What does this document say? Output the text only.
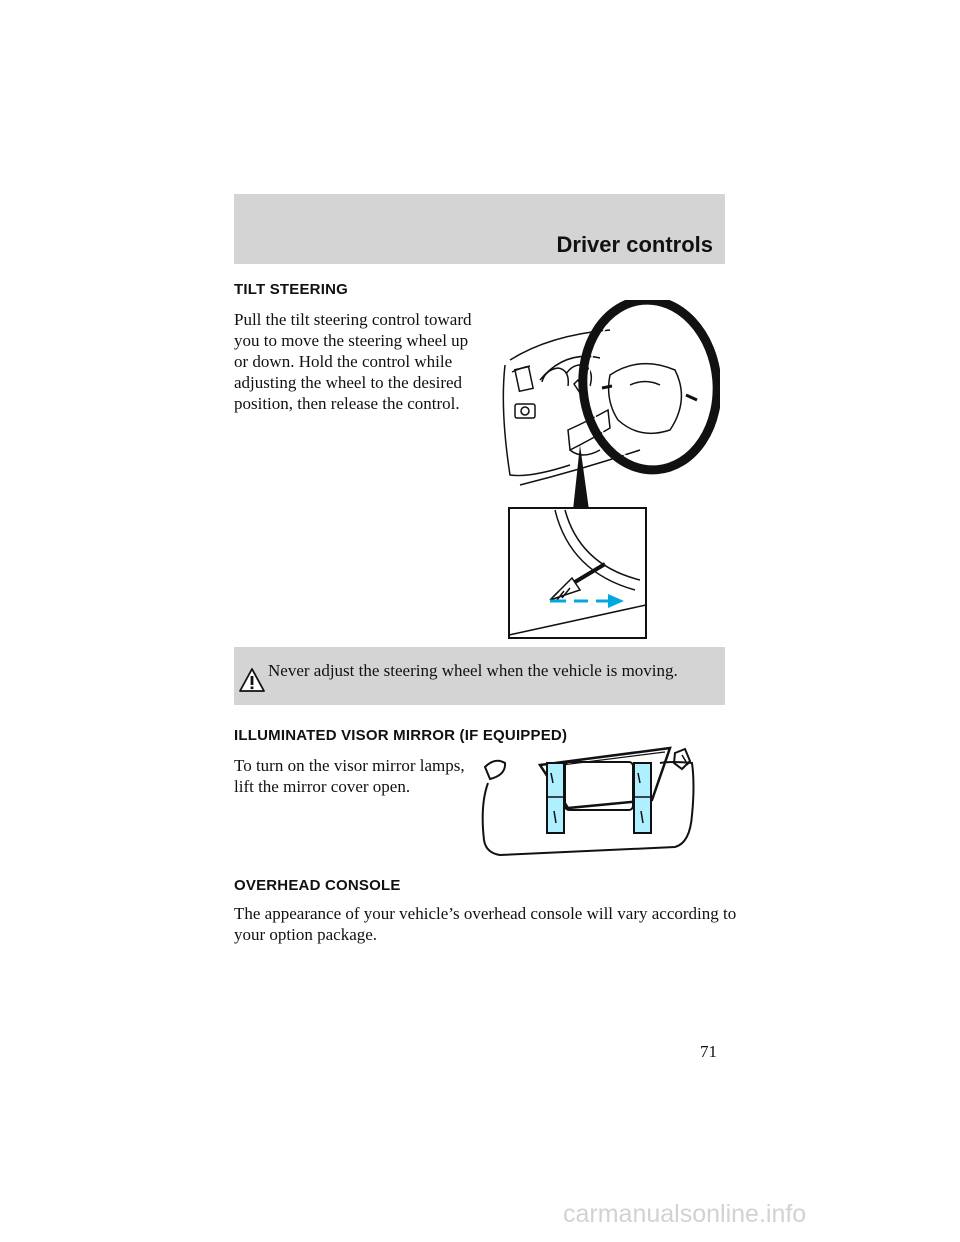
Driver controls
TILT STEERING
Pull the tilt steering control toward
you to move the steering wheel up
or down. Hold the control while
adjusting the wheel to the desired
position, then release the control.
Never adjust the steering wheel when the vehicle is moving.
ILLUMINATED VISOR MIRROR (IF EQUIPPED)
To turn on the visor mirror lamps,
lift the mirror cover open.
OVERHEAD CONSOLE
The appearance of your vehicle’s overhead console will vary according to
your option package.
71
carmanualsonline.info
